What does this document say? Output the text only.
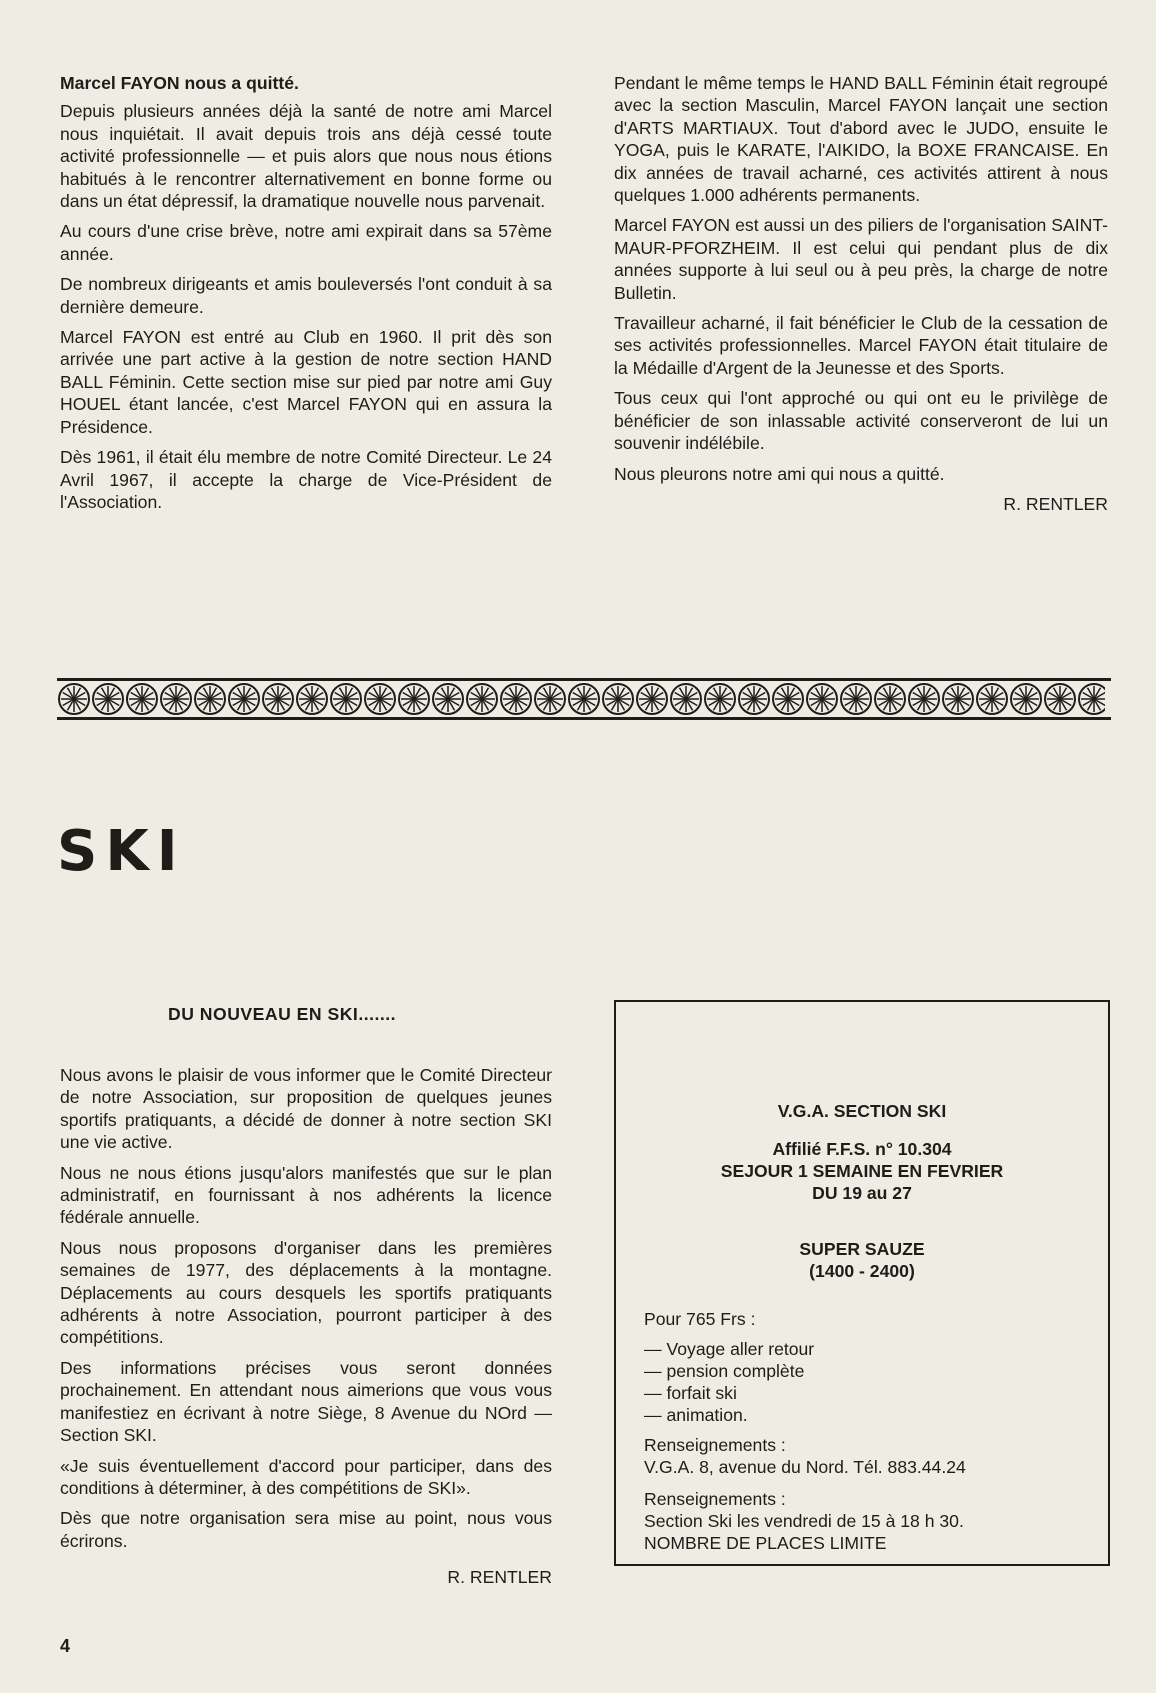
Marcel FAYON nous a quitté.

Depuis plusieurs années déjà la santé de notre ami Marcel nous inquiétait. Il avait depuis trois ans déjà cessé toute activité professionnelle — et puis alors que nous nous étions habitués à le rencontrer alternativement en bonne forme ou dans un état dépressif, la dramatique nouvelle nous parvenait.

Au cours d'une crise brève, notre ami expirait dans sa 57ème année.

De nombreux dirigeants et amis bouleversés l'ont conduit à sa dernière demeure.

Marcel FAYON est entré au Club en 1960. Il prit dès son arrivée une part active à la gestion de notre section HAND BALL Féminin. Cette section mise sur pied par notre ami Guy HOUEL étant lancée, c'est Marcel FAYON qui en assura la Présidence.

Dès 1961, il était élu membre de notre Comité Directeur. Le 24 Avril 1967, il accepte la charge de Vice-Président de l'Association.

Pendant le même temps le HAND BALL Féminin était regroupé avec la section Masculin, Marcel FAYON lançait une section d'ARTS MARTIAUX. Tout d'abord avec le JUDO, ensuite le YOGA, puis le KARATE, l'AIKIDO, la BOXE FRANCAISE. En dix années de travail acharné, ces activités attirent à nous quelques 1.000 adhérents permanents.

Marcel FAYON est aussi un des piliers de l'organisation SAINT-MAUR-PFORZHEIM. Il est celui qui pendant plus de dix années supporte à lui seul ou à peu près, la charge de notre Bulletin.

Travailleur acharné, il fait bénéficier le Club de la cessation de ses activités professionnelles. Marcel FAYON était titulaire de la Médaille d'Argent de la Jeunesse et des Sports.

Tous ceux qui l'ont approché ou qui ont eu le privilège de bénéficier de son inlassable activité conserveront de lui un souvenir indélébile.

Nous pleurons notre ami qui nous a quitté.

R. RENTLER
SKI
DU NOUVEAU EN SKI.......

Nous avons le plaisir de vous informer que le Comité Directeur de notre Association, sur proposition de quelques jeunes sportifs pratiquants, a décidé de donner à notre section SKI une vie active.

Nous ne nous étions jusqu'alors manifestés que sur le plan administratif, en fournissant à nos adhérents la licence fédérale annuelle.

Nous nous proposons d'organiser dans les premières semaines de 1977, des déplacements à la montagne. Déplacements au cours desquels les sportifs pratiquants adhérents à notre Association, pourront participer à des compétitions.

Des informations précises vous seront données prochainement. En attendant nous aimerions que vous vous manifestiez en écrivant à notre Siège, 8 Avenue du NOrd — Section SKI.

«Je suis éventuellement d'accord pour participer, dans des conditions à déterminer, à des compétitions de SKI».

Dès que notre organisation sera mise au point, nous vous écrirons.

R. RENTLER
V.G.A. SECTION SKI
Affilié F.F.S. n° 10.304
SEJOUR 1 SEMAINE EN FEVRIER
DU 19 au 27
SUPER SAUZE
(1400 - 2400)

Pour 765 Frs :

— Voyage aller retour
— pension complète
— forfait ski
— animation.
Renseignements :
V.G.A. 8, avenue du Nord. Tél. 883.44.24
Renseignements :
Section Ski les vendredi de 15 à 18 h 30.
NOMBRE DE PLACES LIMITE
4
